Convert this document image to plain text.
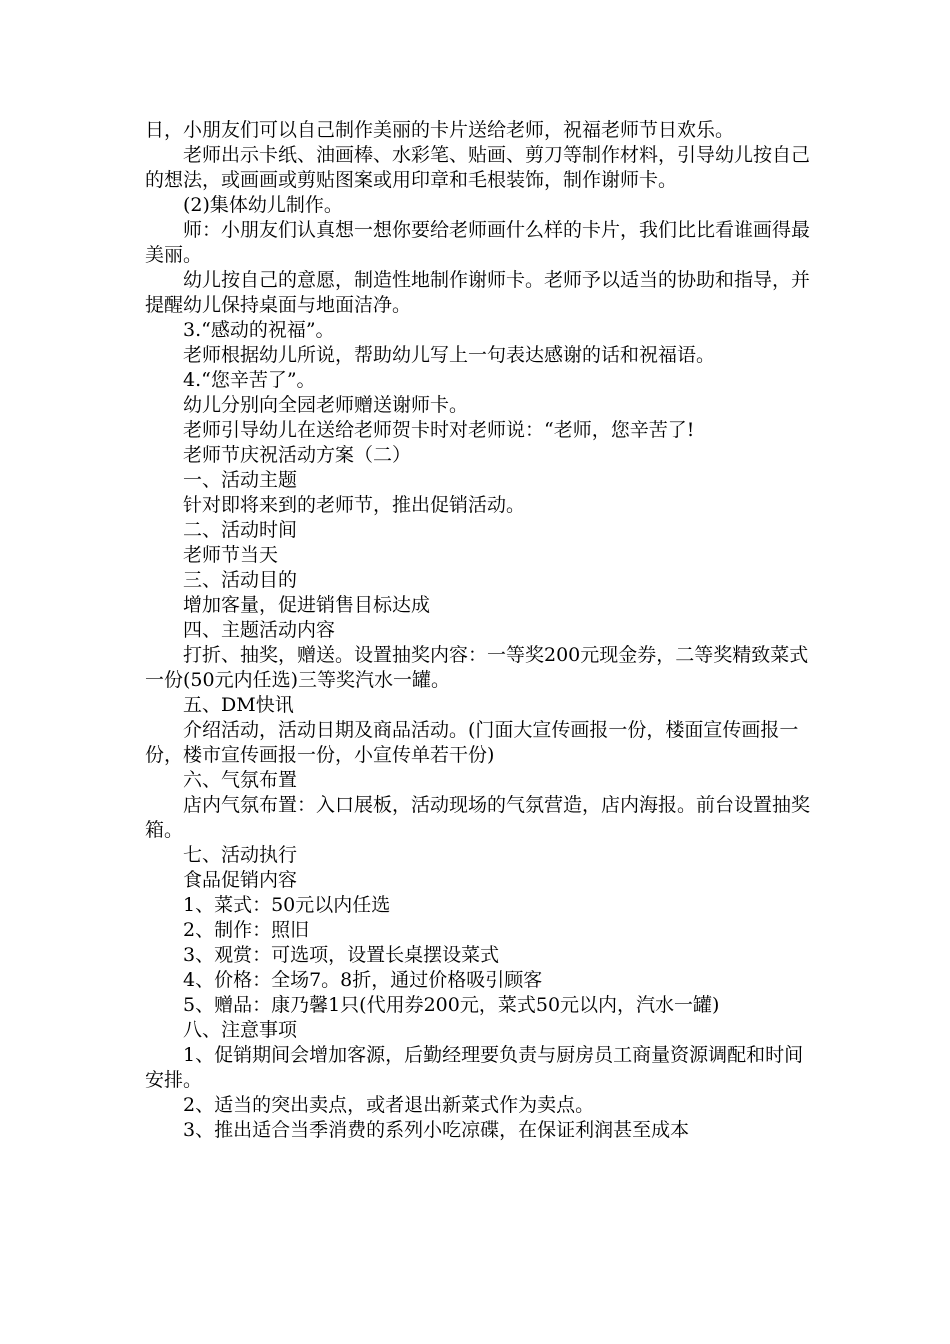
日，小朋友们可以自己制作美丽的卡片送给老师，祝福老师节日欢乐。

老师出示卡纸、油画棒、水彩笔、贴画、剪刀等制作材料，引导幼儿按自己的想法，或画画或剪贴图案或用印章和毛根装饰，制作谢师卡。

(2)集体幼儿制作。

师：小朋友们认真想一想你要给老师画什么样的卡片，我们比比看谁画得最美丽。

幼儿按自己的意愿，制造性地制作谢师卡。老师予以适当的协助和指导，并提醒幼儿保持桌面与地面洁净。

3.“感动的祝福”。

老师根据幼儿所说，帮助幼儿写上一句表达感谢的话和祝福语。

4.“您辛苦了”。

幼儿分别向全园老师赠送谢师卡。

老师引导幼儿在送给老师贺卡时对老师说：“老师，您辛苦了!

老师节庆祝活动方案（二）

一、活动主题

针对即将来到的老师节，推出促销活动。

二、活动时间

老师节当天

三、活动目的

增加客量，促进销售目标达成

四、主题活动内容

打折、抽奖，赠送。设置抽奖内容：一等奖200元现金券，二等奖精致菜式一份(50元内任选)三等奖汽水一罐。

五、DM快讯

介绍活动，活动日期及商品活动。(门面大宣传画报一份，楼面宣传画报一份，楼市宣传画报一份，小宣传单若干份)

六、气氛布置

店内气氛布置：入口展板，活动现场的气氛营造，店内海报。前台设置抽奖箱。

七、活动执行

食品促销内容

1、菜式：50元以内任选

2、制作：照旧

3、观赏：可选项，设置长桌摆设菜式

4、价格：全场7。8折，通过价格吸引顾客

5、赠品：康乃馨1只(代用券200元，菜式50元以内，汽水一罐)

八、注意事项

1、促销期间会增加客源，后勤经理要负责与厨房员工商量资源调配和时间安排。

2、适当的突出卖点，或者退出新菜式作为卖点。

3、推出适合当季消费的系列小吃凉碟，在保证利润甚至成本
